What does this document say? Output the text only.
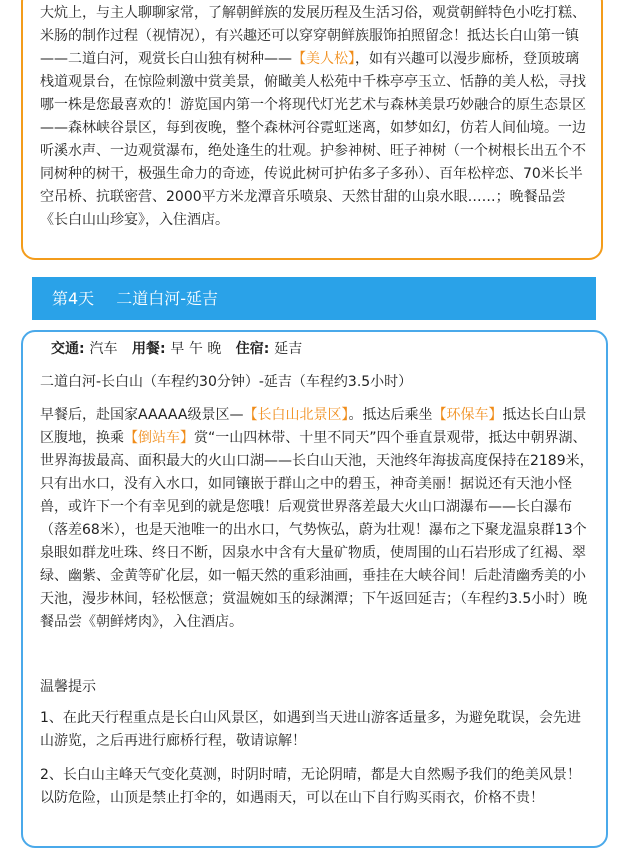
大炕上，与主人聊聊家常，了解朝鲜族的发展历程及生活习俗，观赏朝鲜特色小吃打糕、米肠的制作过程（视情况），有兴趣还可以穿穿朝鲜族服饰拍照留念！抵达长白山第一镇——二道白河，观赏长白山独有树种——【美人松】，如有兴趣可以漫步廊桥，登顶玻璃栈道观景台，在惊险刺激中赏美景，俯瞰美人松苑中千株亭亭玉立、恬静的美人松，寻找哪一株是您最喜欢的！游览国内第一个将现代灯光艺术与森林美景巧妙融合的原生态景区——森林峡谷景区，每到夜晚，整个森林河谷霓虹迷离，如梦如幻，仿若人间仙境。一边听溪水声、一边观赏瀑布，绝处逢生的壮观。护参神树、旺子神树（一个树根长出五个不同树种的树干，极强生命力的奇迹，传说此树可护佑多子多孙）、百年松梓恋、70米长半空吊桥、抗联密营、2000平方米龙潭音乐喷泉、天然甘甜的山泉水眼……；晚餐品尝《长白山山珍宴》，入住酒店。

第4天 二道白河-延吉
交通: 汽车 用餐: 早 午 晚 住宿: 延吉

二道白河-长白山（车程约30分钟）-延吉（车程约3.5小时）

早餐后，赴国家AAAAA级景区—【长白山北景区】。抵达后乘坐【环保车】抵达长白山景区腹地，换乘【倒站车】赏“一山四林带、十里不同天”四个垂直景观带，抵达中朝界湖、世界海拔最高、面积最大的火山口湖——长白山天池，天池终年海拔高度保持在2189米，只有出水口，没有入水口，如同镶嵌于群山之中的碧玉，神奇美丽！据说还有天池小怪兽，或许下一个有幸见到的就是您哦！后观赏世界落差最大火山口湖瀑布——长白瀑布（落差68米），也是天池唯一的出水口，气势恢弘，蔚为壮观！瀑布之下聚龙温泉群13个泉眼如群龙吐珠、终日不断，因泉水中含有大量矿物质，使周围的山石岩形成了红褐、翠绿、幽紫、金黄等矿化层，如一幅天然的重彩油画，垂挂在大峡谷间！后赴清幽秀美的小天池，漫步林间，轻松惬意；赏温婉如玉的绿渊潭；下午返回延吉；（车程约3.5小时）晚餐品尝《朝鲜烤肉》，入住酒店。

温馨提示

1、在此天行程重点是长白山风景区，如遇到当天进山游客适量多，为避免耽误，会先进山游览，之后再进行廊桥行程，敬请谅解！

2、长白山主峰天气变化莫测，时阴时晴，无论阴晴，都是大自然赐予我们的绝美风景！以防危险，山顶是禁止打伞的，如遇雨天，可以在山下自行购买雨衣，价格不贵！
